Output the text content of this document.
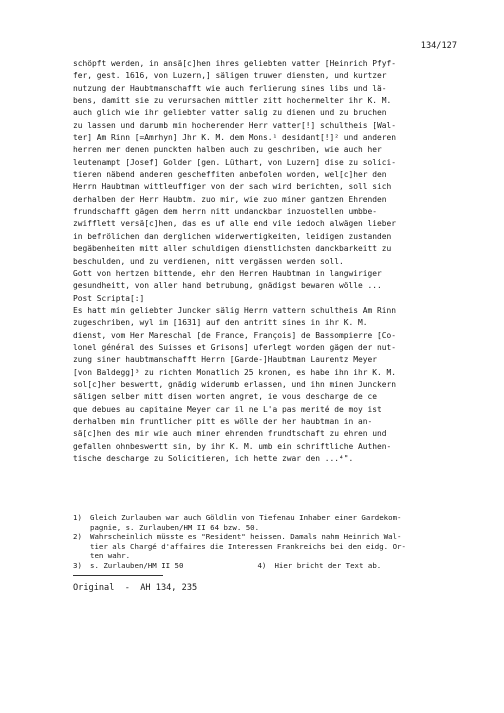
134/127
schöpft werden, in ansä[c]hen ihres geliebten vatter [Heinrich Pfyf-
fer, gest. 1616, von Luzern,] säligen truwer diensten, und kurtzer
nutzung der Haubtmanschafft wie auch ferlierung sines libs und lä-
bens, damitt sie zu verursachen mittler zitt hochermelter ihr K. M.
auch glich wie ihr geliebter vatter salig zu dienen und zu bruchen
zu lassen und darumb min hocherender Herr vatter[!] schultheis [Wal-
ter] Am Rinn [=Amrhyn] Jhr K. M. dem Mons.¹ desidant[!]² und anderen
herren mer denen punckten halben auch zu geschriben, wie auch her
leutenampt [Josef] Golder [gen. Lüthart, von Luzern] dise zu solici-
tieren näbend anderen gescheffiten anbefolen worden, wel[c]her den
Herrn Haubtman wittleuffiger von der sach wird berichten, soll sich
derhalben der Herr Haubtm. zuo mir, wie zuo miner gantzen Ehrenden
frundschafft gägen dem herrn nitt undanckbar inzuostellen umbbe-
zwifflett versä[c]hen, das es uf alle end vile iedoch alwägen lieber
in befrölichen dan derglichen widerwertigkeiten, leidigen zustanden
begäbenheiten mitt aller schuldigen dienstlichsten danckbarkeitt zu
beschulden, und zu verdienen, nitt vergässen werden soll.
Gott von hertzen bittende, ehr den Herren Haubtman in langwiriger
gesundheitt, von aller hand betrubung, gnädigst bewaren wölle ...
Post Scripta[:]
Es hatt min geliebter Juncker sälig Herrn vattern schultheis Am Rinn
zugeschriben, wyl im [1631] auf den antritt sines in ihr K. M.
dienst, vom Her Mareschal [de France, François] de Bassompierre [Co-
lonel général des Suisses et Grisons] uferlegt worden gägen der nut-
zung siner haubtmanschafft Herrn [Garde-]Haubtman Laurentz Meyer
[von Baldegg]³ zu richten Monatlich 25 kronen, es habe ihn ihr K. M.
sol[c]her beswertt, gnädig widerumb erlassen, und ihn minen Junckern
säligen selber mitt disen worten angret, ie vous descharge de ce
que debues au capitaine Meyer car il ne L'a pas merité de moy ist
derhalben min fruntlicher pitt es wölle der her haubtman in an-
sä[c]hen des mir wie auch miner ehrenden frundtschaft zu ehren und
gefallen ohnbeswertt sin, by ihr K. M. umb ein schriftliche Authen-
tische descharge zu Solicitieren, ich hette zwar den ...⁴".
1) Gleich Zurlauben war auch Göldlin von Tiefenau Inhaber einer Gardekom-
pagnie, s. Zurlauben/HM II 64 bzw. 50.
2) Wahrscheinlich müsste es "Resident" heissen. Damals nahm Heinrich Wal-
tier als Chargé d'affaires die Interessen Frankreichs bei den eidg. Or-
ten wahr.
3) s. Zurlauben/HM II 50	4) Hier bricht der Text ab.
Original  -  AH 134, 235
